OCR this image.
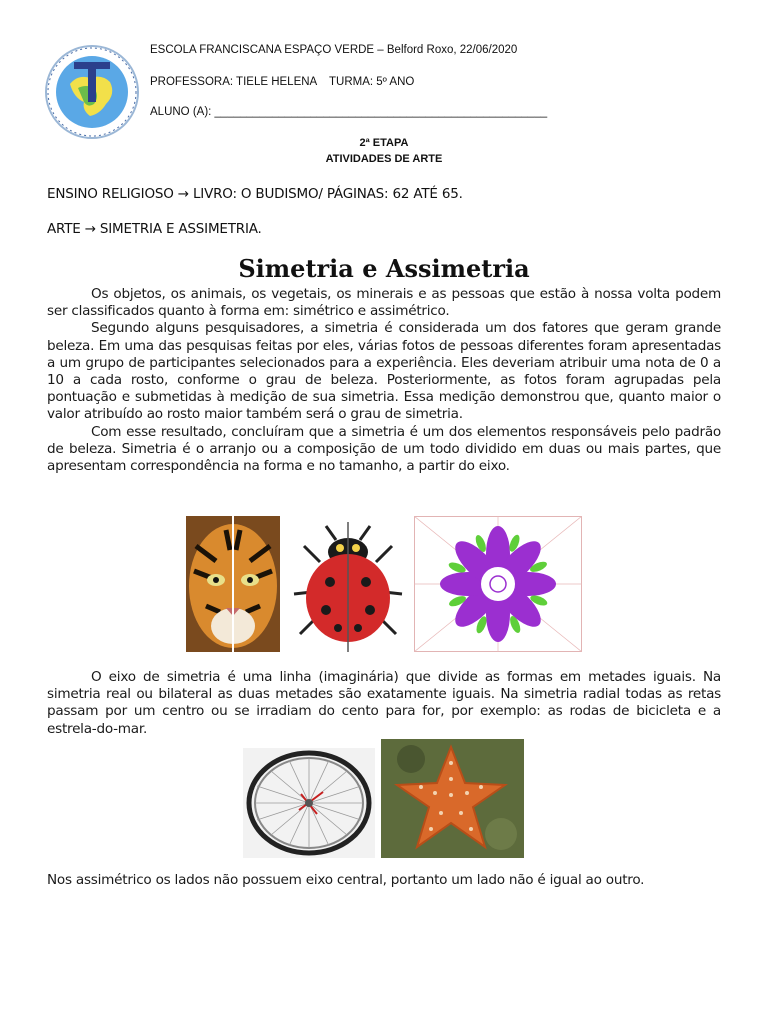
ESCOLA FRANCISCANA ESPAÇO VERDE – Belford Roxo, 22/06/2020
PROFESSORA: TIELE HELENA TURMA: 5º ANO
ALUNO (A): ____________________________________________________
2ª ETAPA
ATIVIDADES DE ARTE
ENSINO RELIGIOSO → LIVRO: O BUDISMO/ PÁGINAS: 62 ATÉ 65.
ARTE → SIMETRIA E ASSIMETRIA.
Simetria e Assimetria

Os objetos, os animais, os vegetais, os minerais e as pessoas que estão à nossa volta podem ser classificados quanto à forma em: simétrico e assimétrico.

Segundo alguns pesquisadores, a simetria é considerada um dos fatores que geram grande beleza. Em uma das pesquisas feitas por eles, várias fotos de pessoas diferentes foram apresentadas a um grupo de participantes selecionados para a experiência. Eles deveriam atribuir uma nota de 0 a 10 a cada rosto, conforme o grau de beleza. Posteriormente, as fotos foram agrupadas pela pontuação e submetidas à medição de sua simetria. Essa medição demonstrou que, quanto maior o valor atribuído ao rosto maior também será o grau de simetria.

Com esse resultado, concluíram que a simetria é um dos elementos responsáveis pelo padrão de beleza. Simetria é o arranjo ou a composição de um todo dividido em duas ou mais partes, que apresentam correspondência na forma e no tamanho, a partir do eixo.

O eixo de simetria é uma linha (imaginária) que divide as formas em metades iguais. Na simetria real ou bilateral as duas metades são exatamente iguais. Na simetria radial todas as retas passam por um centro ou se irradiam do cento para for, por exemplo: as rodas de bicicleta e a estrela-do-mar.

Nos assimétrico os lados não possuem eixo central, portanto um lado não é igual ao outro.
